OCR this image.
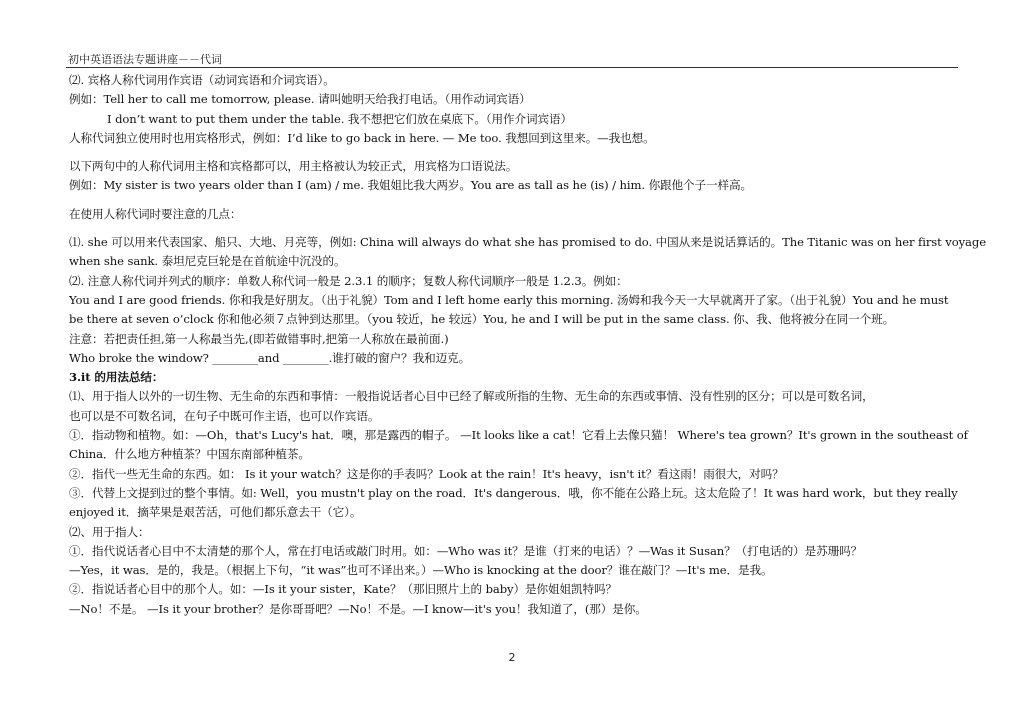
初中英语语法专题讲座－－代词

⑵. 宾格人称代词用作宾语（动词宾语和介词宾语）。

例如：Tell her to call me tomorrow, please. 请叫她明天给我打电话。（用作动词宾语）

I don’t want to put them under the table. 我不想把它们放在桌底下。（用作介词宾语）

人称代词独立使用时也用宾格形式，例如：I’d like to go back in here. — Me too. 我想回到这里来。—我也想。

以下两句中的人称代词用主格和宾格都可以，用主格被认为较正式，用宾格为口语说法。

例如：My sister is two years older than I (am) / me. 我姐姐比我大两岁。You are as tall as he (is) / him. 你跟他个子一样高。

在使用人称代词时要注意的几点：

⑴. she 可以用来代表国家、船只、大地、月亮等，例如: China will always do what she has promised to do. 中国从来是说话算话的。The Titanic was on her first voyage

when she sank. 泰坦尼克巨轮是在首航途中沉没的。

⑵. 注意人称代词并列式的顺序：单数人称代词一般是 2.3.1 的顺序；复数人称代词顺序一般是 1.2.3。例如：

You and I are good friends. 你和我是好朋友。（出于礼貌）Tom and I left home early this morning. 汤姆和我今天一大早就离开了家。（出于礼貌）You and he must

be there at seven o’clock 你和他必须７点钟到达那里。（you 较近，he 较远）You, he and I will be put in the same class. 你、我、他将被分在同一个班。

注意：若把责任担,第一人称最当先,(即若做错事时,把第一人称放在最前面.)

Who broke the window? ________and ________.谁打破的窗户？我和迈克。

3.it 的用法总结：

⑴、用于指人以外的一切生物、无生命的东西和事情：一般指说话者心目中已经了解或所指的生物、无生命的东西或事情、没有性别的区分；可以是可数名词，

也可以是不可数名词，在句子中既可作主语，也可以作宾语。

①．指动物和植物。如：—Oh，that's Lucy's hat．噢，那是露西的帽子。 —It looks like a cat！它看上去像只猫！ Where's tea grown？It's grown in the southeast of

China．什么地方种植茶？中国东南部种植茶。

②．指代一些无生命的东西。如： Is it your watch？这是你的手表吗？Look at the rain！It's heavy，isn't it？看这雨！雨很大，对吗？

③．代替上文提到过的整个事情。如: Well，you mustn't play on the road．It's dangerous．哦，你不能在公路上玩。这太危险了！It was hard work，but they really

enjoyed it．摘苹果是艰苦活，可他们都乐意去干（它）。

⑵、用于指人：

①．指代说话者心目中不太清楚的那个人，常在打电话或敲门时用。如：—Who was it？是谁（打来的电话）？—Was it Susan？（打电话的）是苏珊吗？

—Yes，it was．是的，我是。（根据上下句，“it was”也可不译出来。）—Who is knocking at the door？谁在敲门？—It's me．是我。

②．指说话者心目中的那个人。如：—Is it your sister，Kate？（那旧照片上的 baby）是你姐姐凯特吗？

—No！不是。 —Is it your brother？是你哥哥吧？—No！不是。—I know—it's you！我知道了，(那）是你。

2
